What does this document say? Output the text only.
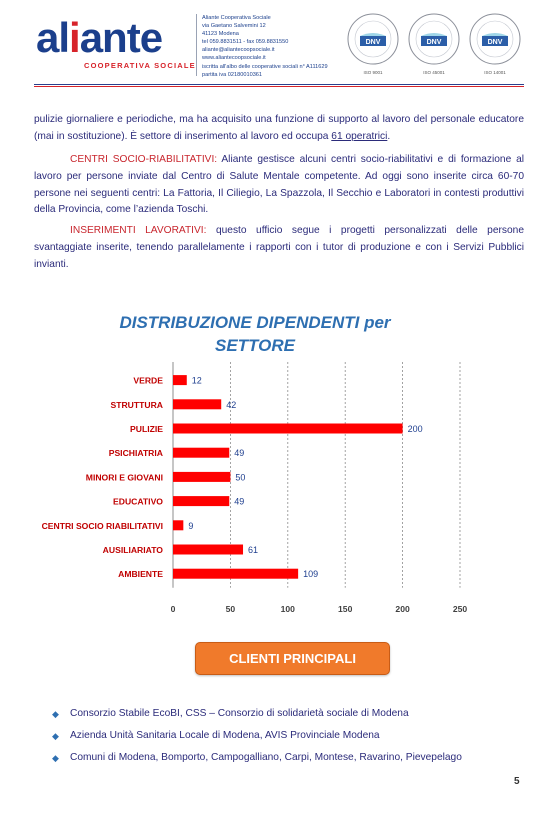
aliante
COOPERATIVA SOCIALE
Aliante Cooperativa Sociale
via Gaetano Salvemini 12
41123 Modena
tel 059.8831511 - fax 059.8831550
aliante@aliantecoopsociale.it
www.aliantecoopsociale.it
iscritta all'albo delle cooperative sociali n° A111629
partita iva 02180010361
DNV
ISO 9001
DNV
ISO 45001
DNV
ISO 14001

pulizie giornaliere e periodiche, ma ha acquisito una funzione di supporto al lavoro del personale educatore (mai in sostituzione). È settore di inserimento al lavoro ed occupa 61 operatrici.

CENTRI SOCIO-RIABILITATIVI: Aliante gestisce alcuni centri socio-riabilitativi e di formazione al lavoro per persone inviate dal Centro di Salute Mentale competente. Ad oggi sono inserite circa 60-70 persone nei seguenti centri: La Fattoria, Il Ciliegio, La Spazzola, Il Secchio e Laboratori in contesti produttivi della Provincia, come l’azienda Toschi.

INSERIMENTI LAVORATIVI: questo ufficio segue i progetti personalizzati delle persone svantaggiate inserite, tenendo parallelamente i rapporti con i tutor di produzione e con i Servizi Pubblici invianti.

DISTRIBUZIONE DIPENDENTI per
SETTORE
VERDE	12
STRUTTURA	42
PULIZIE	200
PSICHIATRIA	49
MINORI E GIOVANI	50
EDUCATIVO	49
CENTRI SOCIO RIABILITATIVI	9
AUSILIARIATO	61
AMBIENTE	109
0	50	100	150	200	250
CLIENTI PRINCIPALI
◆ Consorzio Stabile EcoBI, CSS – Consorzio di solidarietà sociale di Modena
◆ Azienda Unità Sanitaria Locale di Modena, AVIS Provinciale Modena
◆ Comuni di Modena, Bomporto, Campogalliano, Carpi, Montese, Ravarino, Pievepelago
5
